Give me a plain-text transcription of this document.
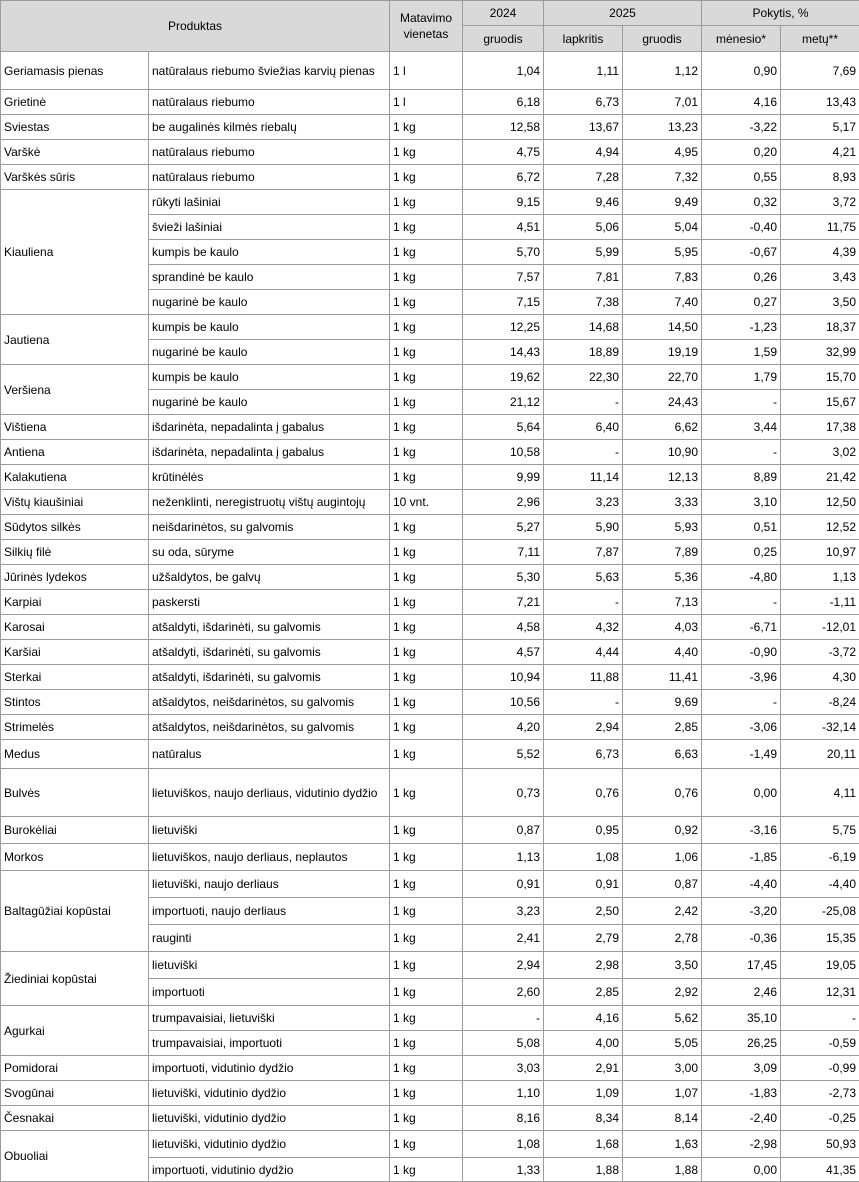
Produktas		Matavimo vienetas	2024	2025		Pokytis, %	
			gruodis	lapkritis	gruodis	mėnesio*	metų**
Geriamasis pienas	natūralaus riebumo šviežias karvių pienas	1 l	1,04	1,11	1,12	0,90	7,69
Grietinė	natūralaus riebumo	1 l	6,18	6,73	7,01	4,16	13,43
Sviestas	be augalinės kilmės riebalų	1 kg	12,58	13,67	13,23	-3,22	5,17
Varškė	natūralaus riebumo	1 kg	4,75	4,94	4,95	0,20	4,21
Varškės sūris	natūralaus riebumo	1 kg	6,72	7,28	7,32	0,55	8,93
Kiauliena	rūkyti lašiniai	1 kg	9,15	9,46	9,49	0,32	3,72
	švieži lašiniai	1 kg	4,51	5,06	5,04	-0,40	11,75
	kumpis be kaulo	1 kg	5,70	5,99	5,95	-0,67	4,39
	sprandinė be kaulo	1 kg	7,57	7,81	7,83	0,26	3,43
	nugarinė be kaulo	1 kg	7,15	7,38	7,40	0,27	3,50
Jautiena	kumpis be kaulo	1 kg	12,25	14,68	14,50	-1,23	18,37
	nugarinė be kaulo	1 kg	14,43	18,89	19,19	1,59	32,99
Veršiena	kumpis be kaulo	1 kg	19,62	22,30	22,70	1,79	15,70
	nugarinė be kaulo	1 kg	21,12	-	24,43	-	15,67
Vištiena	išdarinėta, nepadalinta į gabalus	1 kg	5,64	6,40	6,62	3,44	17,38
Antiena	išdarinėta, nepadalinta į gabalus	1 kg	10,58	-	10,90	-	3,02
Kalakutiena	krūtinėlės	1 kg	9,99	11,14	12,13	8,89	21,42
Vištų kiaušiniai	neženklinti, neregistruotų vištų augintojų	10 vnt.	2,96	3,23	3,33	3,10	12,50
Sūdytos silkės	neišdarinėtos, su galvomis	1 kg	5,27	5,90	5,93	0,51	12,52
Silkių filė	su oda, sūryme	1 kg	7,11	7,87	7,89	0,25	10,97
Jūrinės lydekos	užšaldytos, be galvų	1 kg	5,30	5,63	5,36	-4,80	1,13
Karpiai	paskersti	1 kg	7,21	-	7,13	-	-1,11
Karosai	atšaldyti, išdarinėti, su galvomis	1 kg	4,58	4,32	4,03	-6,71	-12,01
Karšiai	atšaldyti, išdarinėti, su galvomis	1 kg	4,57	4,44	4,40	-0,90	-3,72
Sterkai	atšaldyti, išdarinėti, su galvomis	1 kg	10,94	11,88	11,41	-3,96	4,30
Stintos	atšaldytos, neišdarinėtos, su galvomis	1 kg	10,56	-	9,69	-	-8,24
Strimelės	atšaldytos, neišdarinėtos, su galvomis	1 kg	4,20	2,94	2,85	-3,06	-32,14
Medus	natūralus	1 kg	5,52	6,73	6,63	-1,49	20,11
Bulvės	lietuviškos, naujo derliaus, vidutinio dydžio	1 kg	0,73	0,76	0,76	0,00	4,11
Burokėliai	lietuviški	1 kg	0,87	0,95	0,92	-3,16	5,75
Morkos	lietuviškos, naujo derliaus, neplautos	1 kg	1,13	1,08	1,06	-1,85	-6,19
Baltagūžiai kopūstai	lietuviški, naujo derliaus	1 kg	0,91	0,91	0,87	-4,40	-4,40
	importuoti, naujo derliaus	1 kg	3,23	2,50	2,42	-3,20	-25,08
	rauginti	1 kg	2,41	2,79	2,78	-0,36	15,35
Žiediniai kopūstai	lietuviški	1 kg	2,94	2,98	3,50	17,45	19,05
	importuoti	1 kg	2,60	2,85	2,92	2,46	12,31
Agurkai	trumpavaisiai, lietuviški	1 kg	-	4,16	5,62	35,10	-
	trumpavaisiai, importuoti	1 kg	5,08	4,00	5,05	26,25	-0,59
Pomidorai	importuoti, vidutinio dydžio	1 kg	3,03	2,91	3,00	3,09	-0,99
Svogūnai	lietuviški, vidutinio dydžio	1 kg	1,10	1,09	1,07	-1,83	-2,73
Česnakai	lietuviški, vidutinio dydžio	1 kg	8,16	8,34	8,14	-2,40	-0,25
Obuoliai	lietuviški, vidutinio dydžio	1 kg	1,08	1,68	1,63	-2,98	50,93
	importuoti, vidutinio dydžio	1 kg	1,33	1,88	1,88	0,00	41,35
